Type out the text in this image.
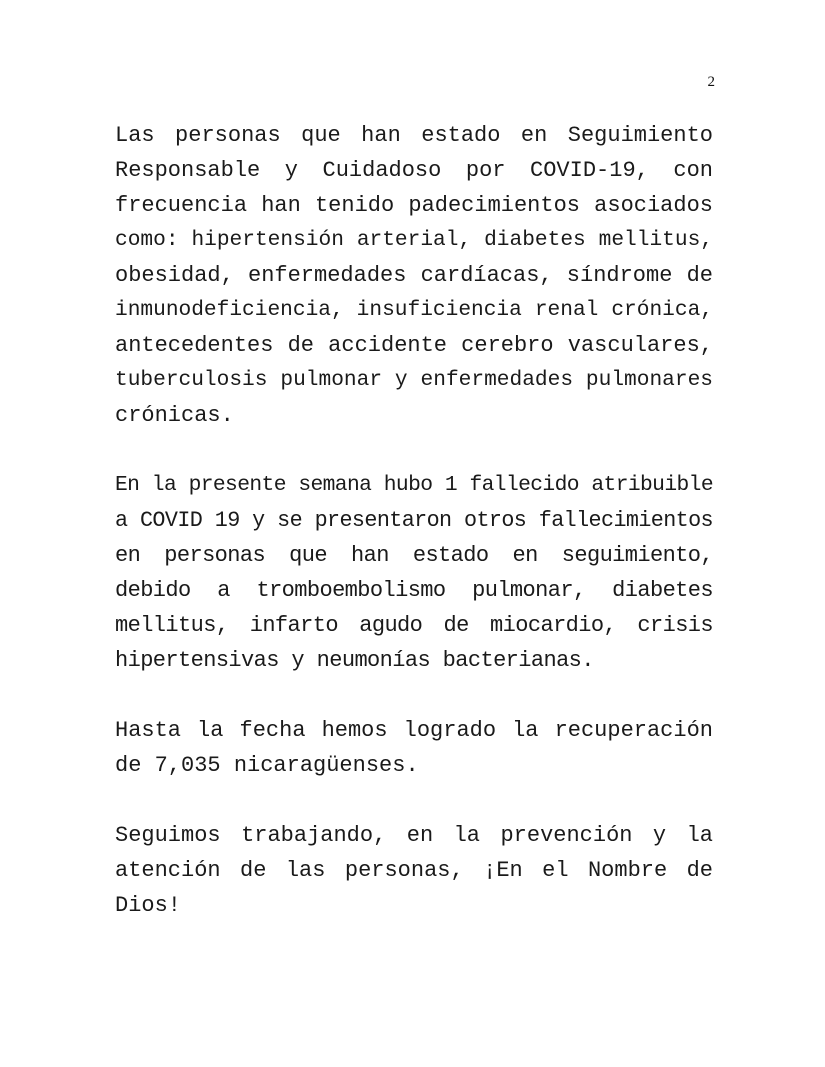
2

Las personas que han estado en Seguimiento
Responsable y Cuidadoso por COVID-19, con
frecuencia han tenido padecimientos asociados
como: hipertensión arterial, diabetes mellitus,
obesidad, enfermedades cardíacas, síndrome de
inmunodeficiencia, insuficiencia renal crónica,
antecedentes de accidente cerebro vasculares,
tuberculosis pulmonar y enfermedades pulmonares
crónicas.

En la presente semana hubo 1 fallecido atribuible
a COVID 19 y se presentaron otros fallecimientos
en personas que han estado en seguimiento,
debido a tromboembolismo pulmonar, diabetes
mellitus, infarto agudo de miocardio, crisis
hipertensivas y neumonías bacterianas.

Hasta la fecha hemos logrado la recuperación
de 7,035 nicaragüenses.

Seguimos trabajando, en la prevención y la
atención de las personas, ¡En el Nombre de
Dios!
